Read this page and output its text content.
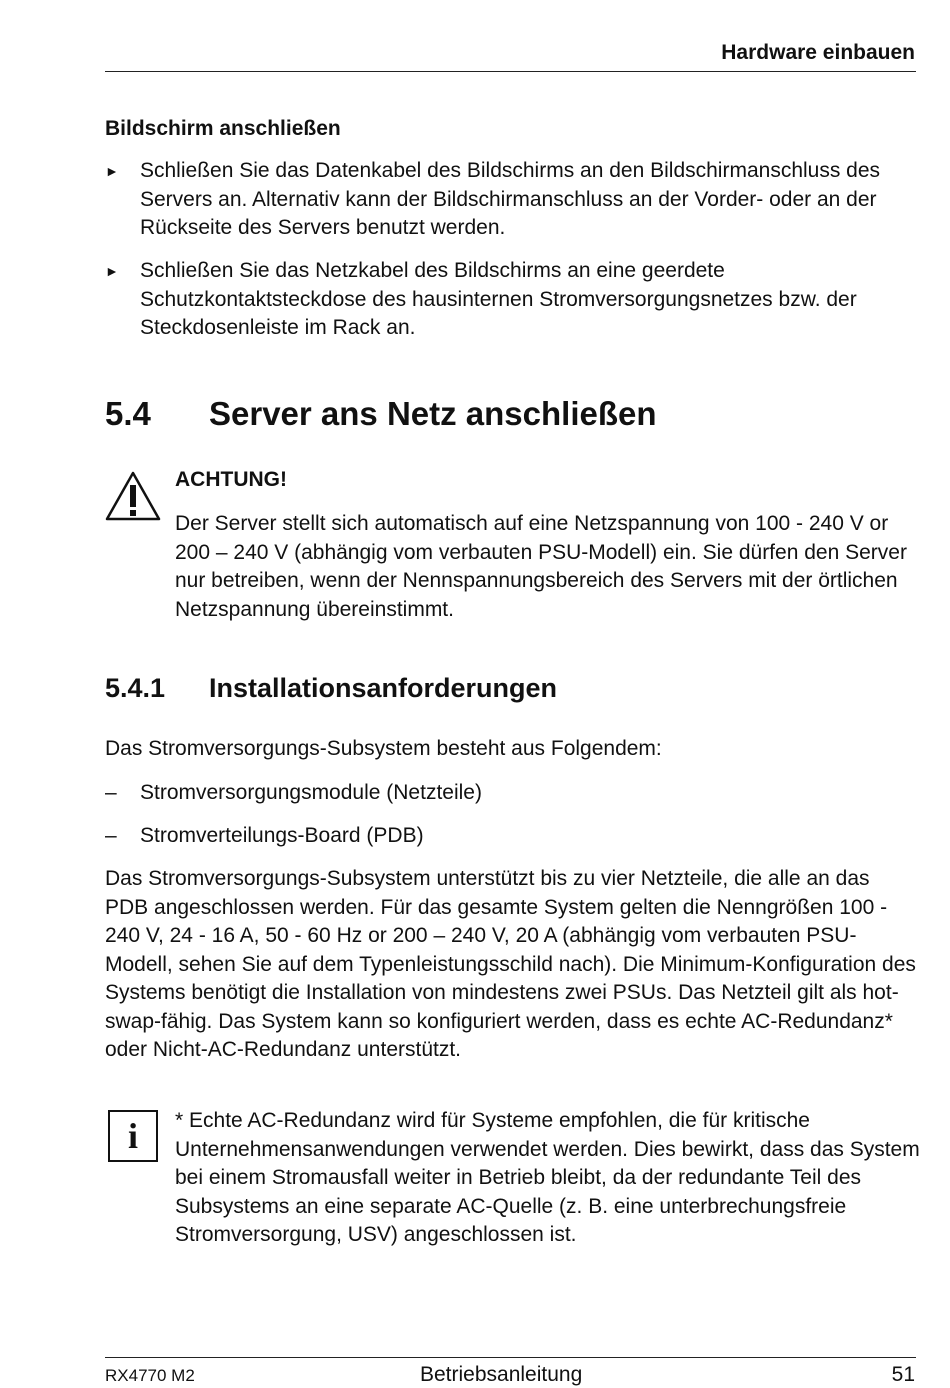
Hardware einbauen
Bildschirm anschließen
►	Schließen Sie das Datenkabel des Bildschirms an den Bildschirmanschluss des Servers an. Alternativ kann der Bildschirmanschluss an der Vorder- oder an der Rückseite des Servers benutzt werden.
►	Schließen Sie das Netzkabel des Bildschirms an eine geerdete Schutzkontaktsteckdose des hausinternen Stromversorgungsnetzes bzw. der Steckdosenleiste im Rack an.
5.4	Server ans Netz anschließen
ACHTUNG!
Der Server stellt sich automatisch auf eine Netzspannung von 100 - 240 V or 200 – 240 V (abhängig vom verbauten PSU-Modell) ein. Sie dürfen den Server nur betreiben, wenn der Nennspannungsbereich des Servers mit der örtlichen Netzspannung übereinstimmt.
5.4.1	Installationsanforderungen
Das Stromversorgungs-Subsystem besteht aus Folgendem:
–	Stromversorgungsmodule (Netzteile)
–	Stromverteilungs-Board (PDB)
Das Stromversorgungs-Subsystem unterstützt bis zu vier Netzteile, die alle an das PDB angeschlossen werden. Für das gesamte System gelten die Nenngrößen 100 - 240 V, 24 - 16 A, 50 - 60 Hz or 200 – 240 V, 20 A (abhängig vom verbauten PSU-Modell, sehen Sie auf dem Typenleistungsschild nach). Die Minimum-Konfiguration des Systems benötigt die Installation von mindestens zwei PSUs. Das Netzteil gilt als hot-swap-fähig. Das System kann so konfiguriert werden, dass es echte AC-Redundanz* oder Nicht-AC-Redundanz unterstützt.
i	* Echte AC-Redundanz wird für Systeme empfohlen, die für kritische Unternehmensanwendungen verwendet werden. Dies bewirkt, dass das System bei einem Stromausfall weiter in Betrieb bleibt, da der redundante Teil des Subsystems an eine separate AC-Quelle (z. B. eine unterbrechungsfreie Stromversorgung, USV) angeschlossen ist.
RX4770 M2	Betriebsanleitung	51
